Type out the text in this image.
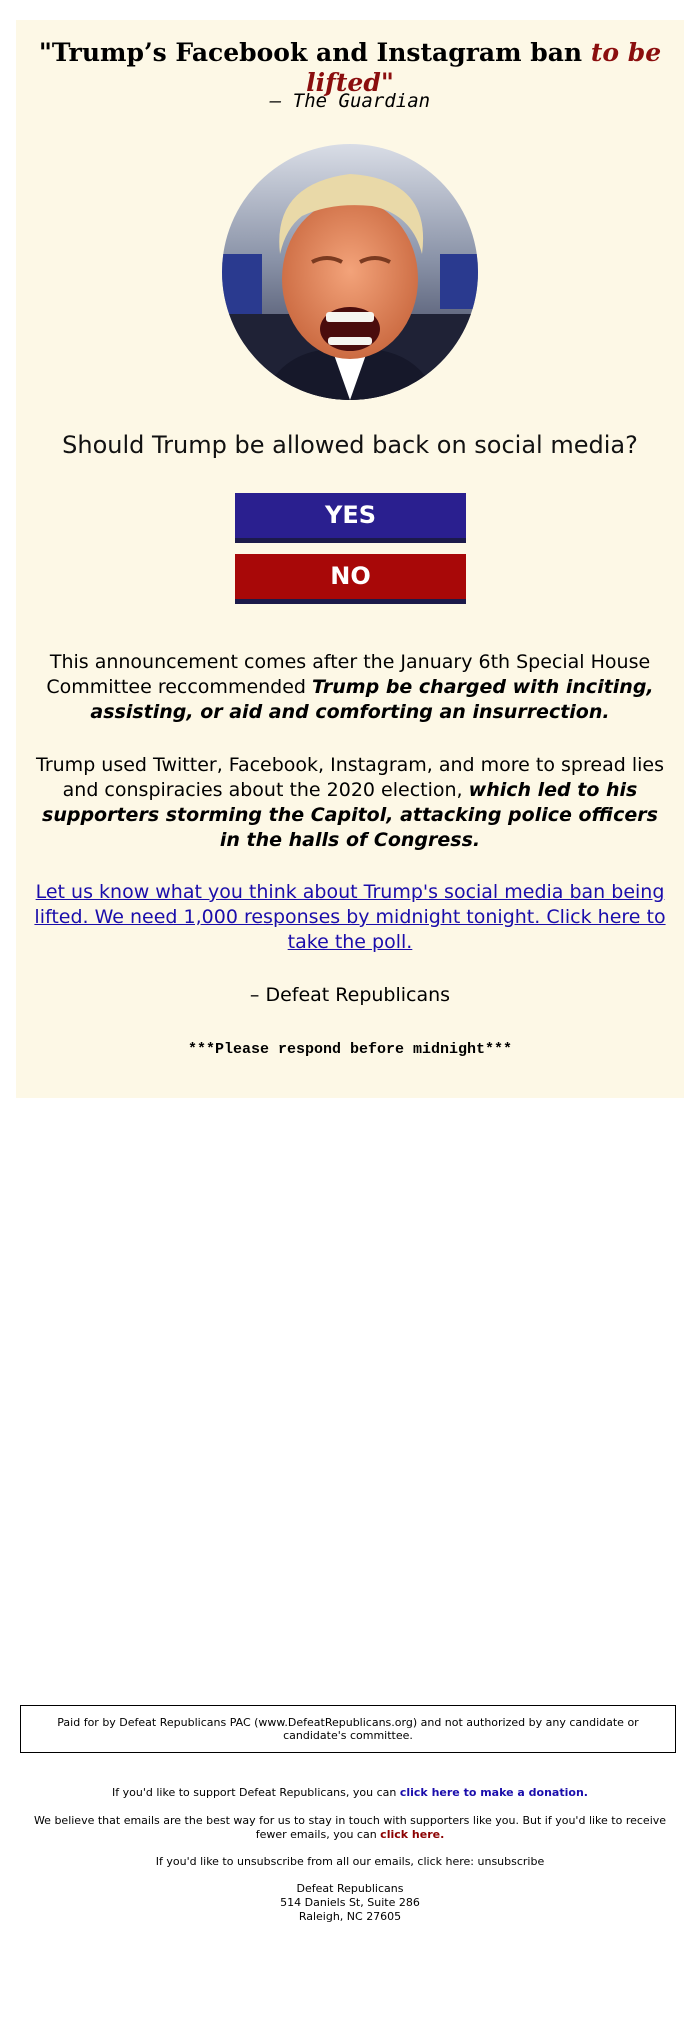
"Trump’s Facebook and Instagram ban to be lifted"
– The Guardian
Should Trump be allowed back on social media?
YES
NO
This announcement comes after the January 6th Special House Committee reccommended Trump be charged with inciting, assisting, or aid and comforting an insurrection.
Trump used Twitter, Facebook, Instagram, and more to spread lies and conspiracies about the 2020 election, which led to his supporters storming the Capitol, attacking police officers in the halls of Congress.
Let us know what you think about Trump's social media ban being lifted. We need 1,000 responses by midnight tonight. Click here to take the poll.
– Defeat Republicans
***Please respond before midnight***
Paid for by Defeat Republicans PAC (www.DefeatRepublicans.org) and not authorized by any candidate or candidate's committee.
If you'd like to support Defeat Republicans, you can click here to make a donation.
We believe that emails are the best way for us to stay in touch with supporters like you. But if you'd like to receive fewer emails, you can click here.
If you'd like to unsubscribe from all our emails, click here: unsubscribe
Defeat Republicans
514 Daniels St, Suite 286
Raleigh, NC 27605
